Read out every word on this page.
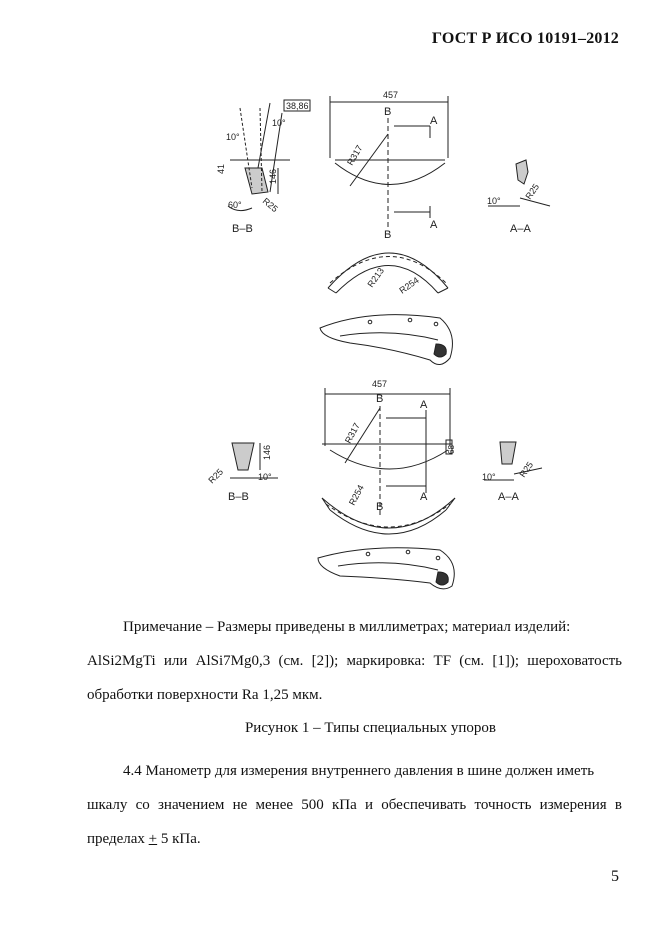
ГОСТ Р ИСО 10191–2012
457
B
A
A
B
R317
38,86
10°
10°
41	146
60° R25
B–B
10°	R25
A–A
R213 R254
457
B	A
A
B
R317
68
R254
146
R25	10°
B–B
10° R25
A–A
Примечание – Размеры приведены в миллиметрах; материал изделий:
AlSi2MgTi или AlSi7Mg0,3 (см. [2]); маркировка: TF (см. [1]); шероховатость
обработки поверхности Ra 1,25 мкм.
Рисунок 1 – Типы специальных упоров
4.4 Манометр для измерения внутреннего давления в шине должен иметь
шкалу со значением не менее 500 кПа и обеспечивать точность измерения в
пределах + 5 кПа.
5
